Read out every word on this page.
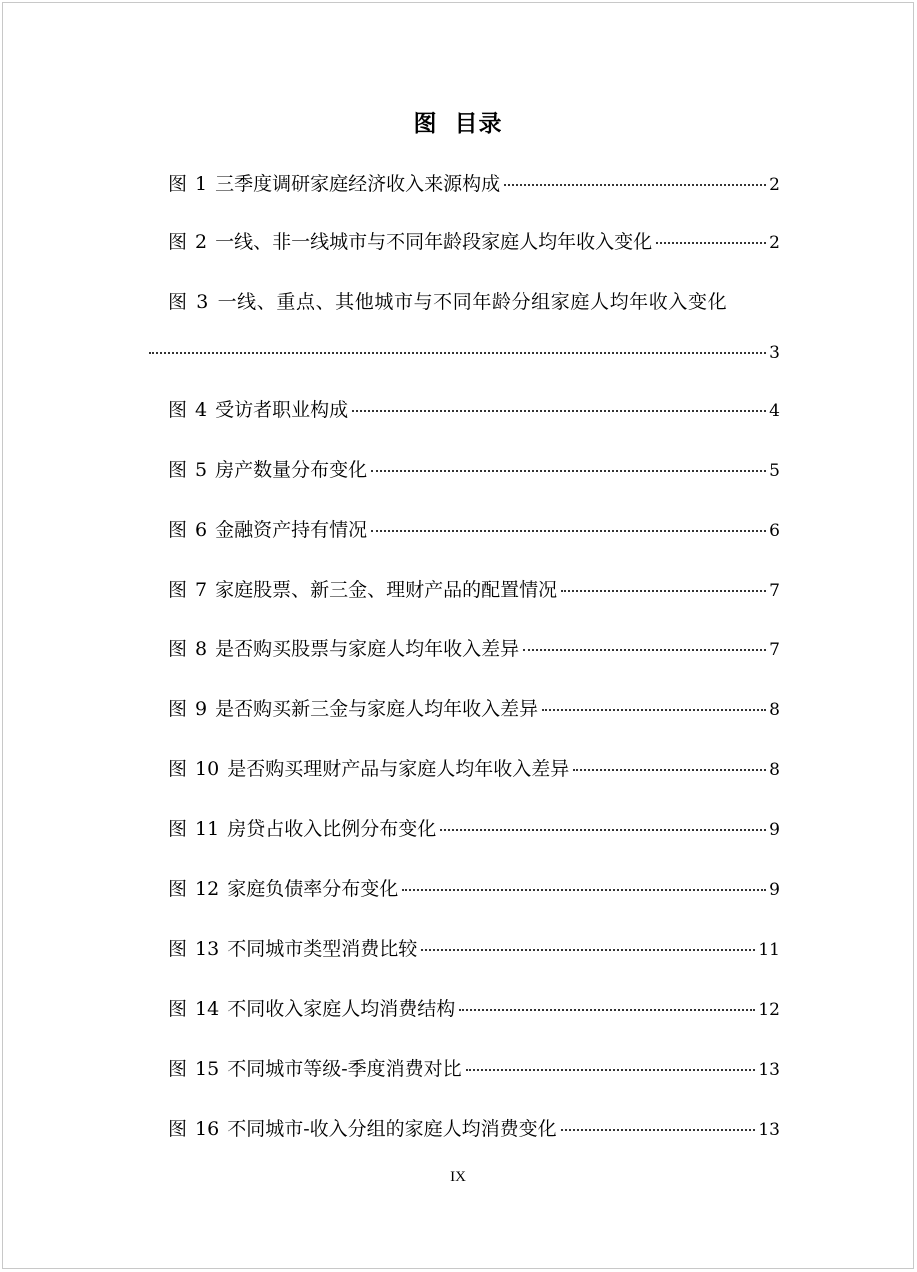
图 目录
图 1 三季度调研家庭经济收入来源构成	2
图 2 一线、非一线城市与不同年龄段家庭人均年收入变化	2
图 3 一线、重点、其他城市与不同年龄分组家庭人均年收入变化
3
图 4 受访者职业构成	4
图 5 房产数量分布变化	5
图 6 金融资产持有情况	6
图 7 家庭股票、新三金、理财产品的配置情况	7
图 8 是否购买股票与家庭人均年收入差异	7
图 9 是否购买新三金与家庭人均年收入差异	8
图 10 是否购买理财产品与家庭人均年收入差异	8
图 11 房贷占收入比例分布变化	9
图 12 家庭负债率分布变化	9
图 13 不同城市类型消费比较	11
图 14 不同收入家庭人均消费结构	12
图 15 不同城市等级-季度消费对比	13
图 16 不同城市-收入分组的家庭人均消费变化	13
IX
